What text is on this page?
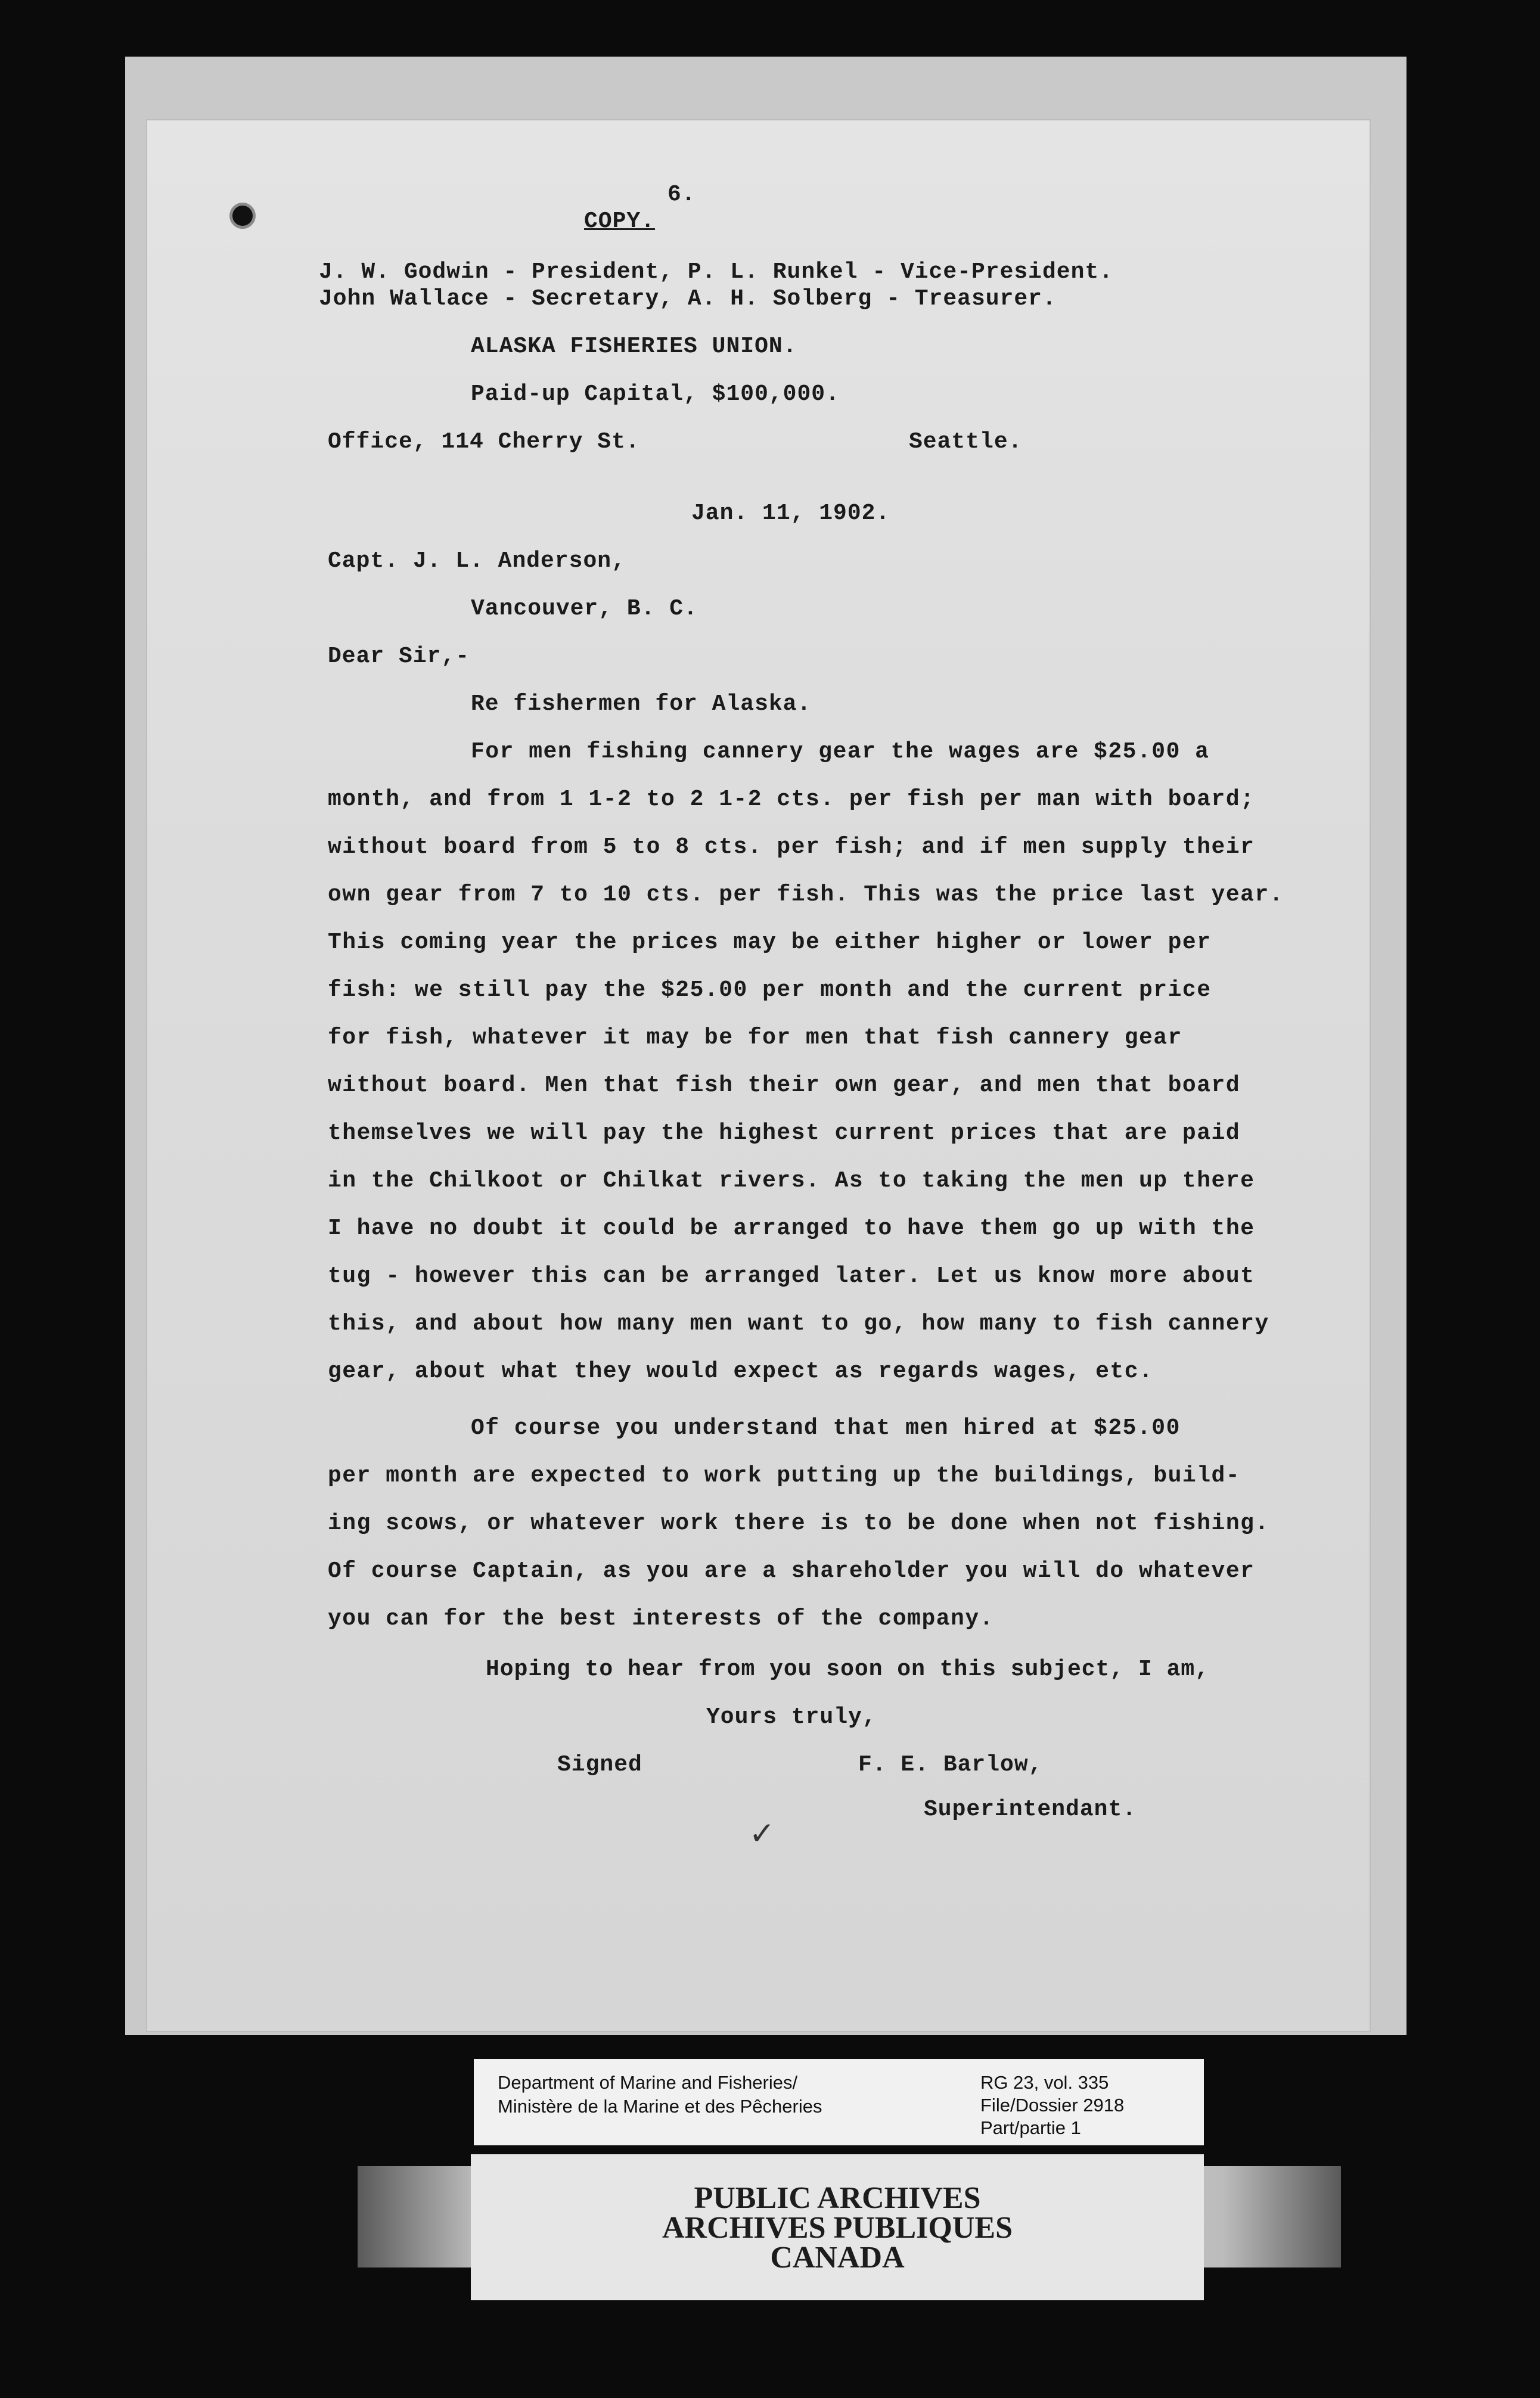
6.
COPY.
J. W. Godwin - President, P. L. Runkel - Vice-President.
John Wallace - Secretary, A. H. Solberg - Treasurer.
ALASKA FISHERIES UNION.
Paid-up Capital, $100,000.
Office, 114 Cherry St.	Seattle.
Jan. 11, 1902.
Capt. J. L. Anderson,
Vancouver, B. C.
Dear Sir,-
Re fishermen for Alaska.
For men fishing cannery gear the wages are $25.00 a
month, and from 1 1-2 to 2 1-2 cts. per fish per man with board;
without board from 5 to 8 cts. per fish; and if men supply their
own gear from 7 to 10 cts. per fish. This was the price last year.
This coming year the prices may be either higher or lower per
fish: we still pay the $25.00 per month and the current price
for fish, whatever it may be for men that fish cannery gear
without board. Men that fish their own gear, and men that board
themselves we will pay the highest current prices that are paid
in the Chilkoot or Chilkat rivers. As to taking the men up there
I have no doubt it could be arranged to have them go up with the
tug - however this can be arranged later. Let us know more about
this, and about how many men want to go, how many to fish cannery
gear, about what they would expect as regards wages, etc.
Of course you understand that men hired at $25.00
per month are expected to work putting up the buildings, build-
ing scows, or whatever work there is to be done when not fishing.
Of course Captain, as you are a shareholder you will do whatever
you can for the best interests of the company.
Hoping to hear from you soon on this subject, I am,
Yours truly,
Signed	F. E. Barlow,
Superintendant.
✓
PUBLIC ARCHIVES
ARCHIVES PUBLIQUES
CANADA
Department of Marine and Fisheries/
Ministère de la Marine et des Pêcheries
RG 23, vol. 335
File/Dossier 2918
Part/partie 1
